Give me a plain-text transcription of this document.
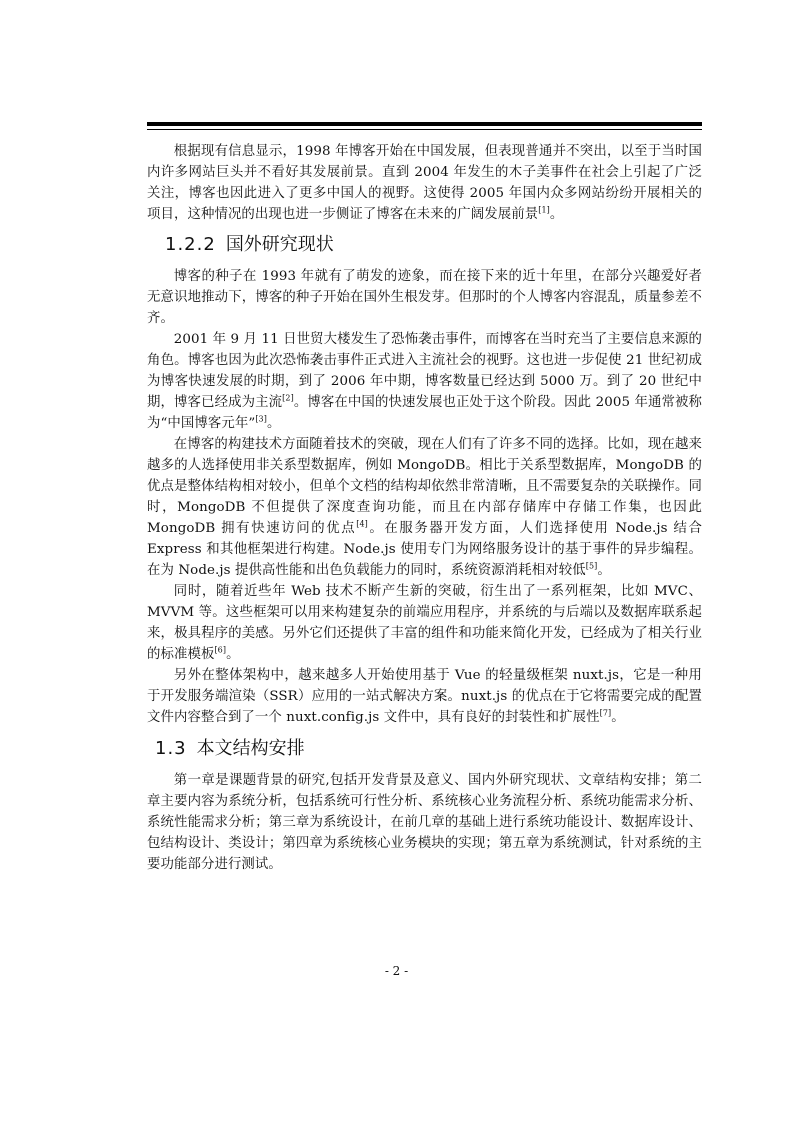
根据现有信息显示，1998 年博客开始在中国发展，但表现普通并不突出，以至于当时国内许多网站巨头并不看好其发展前景。直到 2004 年发生的木子美事件在社会上引起了广泛关注，博客也因此进入了更多中国人的视野。这使得 2005 年国内众多网站纷纷开展相关的项目，这种情况的出现也进一步侧证了博客在未来的广阔发展前景[1]。

1.2.2 国外研究现状

博客的种子在 1993 年就有了萌发的迹象，而在接下来的近十年里，在部分兴趣爱好者无意识地推动下，博客的种子开始在国外生根发芽。但那时的个人博客内容混乱，质量参差不齐。

2001 年 9 月 11 日世贸大楼发生了恐怖袭击事件，而博客在当时充当了主要信息来源的角色。博客也因为此次恐怖袭击事件正式进入主流社会的视野。这也进一步促使 21 世纪初成为博客快速发展的时期，到了 2006 年中期，博客数量已经达到 5000 万。到了 20 世纪中期，博客已经成为主流[2]。博客在中国的快速发展也正处于这个阶段。因此 2005 年通常被称为“中国博客元年”[3]。

在博客的构建技术方面随着技术的突破，现在人们有了许多不同的选择。比如，现在越来越多的人选择使用非关系型数据库，例如 MongoDB。相比于关系型数据库，MongoDB 的优点是整体结构相对较小，但单个文档的结构却依然非常清晰，且不需要复杂的关联操作。同时，MongoDB 不但提供了深度查询功能，而且在内部存储库中存储工作集，也因此 MongoDB 拥有快速访问的优点[4]。在服务器开发方面，人们选择使用 Node.js 结合 Express 和其他框架进行构建。Node.js 使用专门为网络服务设计的基于事件的异步编程。在为 Node.js 提供高性能和出色负载能力的同时，系统资源消耗相对较低[5]。

同时，随着近些年 Web 技术不断产生新的突破，衍生出了一系列框架，比如 MVC、MVVM 等。这些框架可以用来构建复杂的前端应用程序，并系统的与后端以及数据库联系起来，极具程序的美感。另外它们还提供了丰富的组件和功能来简化开发，已经成为了相关行业的标准模板[6]。

另外在整体架构中，越来越多人开始使用基于 Vue 的轻量级框架 nuxt.js，它是一种用于开发服务端渲染（SSR）应用的一站式解决方案。nuxt.js 的优点在于它将需要完成的配置文件内容整合到了一个 nuxt.config.js 文件中，具有良好的封装性和扩展性[7]。

1.3 本文结构安排

第一章是课题背景的研究,包括开发背景及意义、国内外研究现状、文章结构安排；第二章主要内容为系统分析，包括系统可行性分析、系统核心业务流程分析、系统功能需求分析、系统性能需求分析；第三章为系统设计，在前几章的基础上进行系统功能设计、数据库设计、包结构设计、类设计；第四章为系统核心业务模块的实现；第五章为系统测试，针对系统的主要功能部分进行测试。

- 2 -
